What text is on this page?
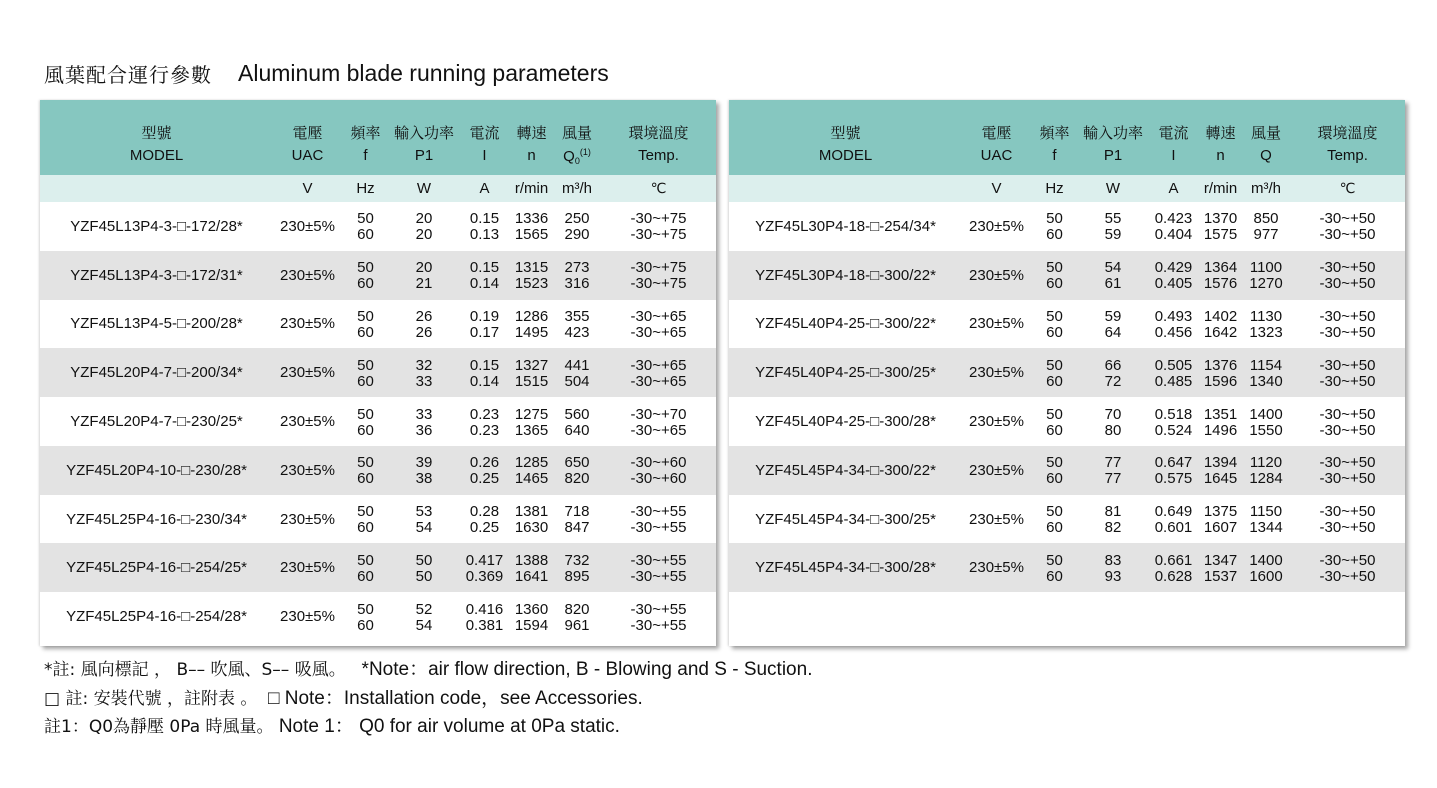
風葉配合運行參數 Aluminum blade running parameters
型號	電壓	頻率	輸入功率	電流	轉速	風量	環境溫度
MODEL	UAC	f	P1	I	n	$Q_0^{(1)}$	Temp.
	V	Hz	W	A	r/min	m³/h	℃
YZF45L13P4-3-□-172/28*	230±5%	50	20	0.15	1336	250	-30~+75
		60	20	0.13	1565	290	-30~+75
YZF45L13P4-3-□-172/31*	230±5%	50	20	0.15	1315	273	-30~+75
		60	21	0.14	1523	316	-30~+75
YZF45L13P4-5-□-200/28*	230±5%	50	26	0.19	1286	355	-30~+65
		60	26	0.17	1495	423	-30~+65
YZF45L20P4-7-□-200/34*	230±5%	50	32	0.15	1327	441	-30~+65
		60	33	0.14	1515	504	-30~+65
YZF45L20P4-7-□-230/25*	230±5%	50	33	0.23	1275	560	-30~+70
		60	36	0.23	1365	640	-30~+65
YZF45L20P4-10-□-230/28*	230±5%	50	39	0.26	1285	650	-30~+60
		60	38	0.25	1465	820	-30~+60
YZF45L25P4-16-□-230/34*	230±5%	50	53	0.28	1381	718	-30~+55
		60	54	0.25	1630	847	-30~+55
YZF45L25P4-16-□-254/25*	230±5%	50	50	0.417	1388	732	-30~+55
		60	50	0.369	1641	895	-30~+55
YZF45L25P4-16-□-254/28*	230±5%	50	52	0.416	1360	820	-30~+55
		60	54	0.381	1594	961	-30~+55
型號	電壓	頻率	輸入功率	電流	轉速	風量	環境溫度
MODEL	UAC	f	P1	I	n	Q	Temp.
	V	Hz	W	A	r/min	m³/h	℃
YZF45L30P4-18-□-254/34*	230±5%	50	55	0.423	1370	850	-30~+50
		60	59	0.404	1575	977	-30~+50
YZF45L30P4-18-□-300/22*	230±5%	50	54	0.429	1364	1100	-30~+50
		60	61	0.405	1576	1270	-30~+50
YZF45L40P4-25-□-300/22*	230±5%	50	59	0.493	1402	1130	-30~+50
		60	64	0.456	1642	1323	-30~+50
YZF45L40P4-25-□-300/25*	230±5%	50	66	0.505	1376	1154	-30~+50
		60	72	0.485	1596	1340	-30~+50
YZF45L40P4-25-□-300/28*	230±5%	50	70	0.518	1351	1400	-30~+50
		60	80	0.524	1496	1550	-30~+50
YZF45L45P4-34-□-300/22*	230±5%	50	77	0.647	1394	1120	-30~+50
		60	77	0.575	1645	1284	-30~+50
YZF45L45P4-34-□-300/25*	230±5%	50	81	0.649	1375	1150	-30~+50
		60	82	0.601	1607	1344	-30~+50
YZF45L45P4-34-□-300/28*	230±5%	50	83	0.661	1347	1400	-30~+50
		60	93	0.628	1537	1600	-30~+50
*註: 風向標記 ， B–– 吹風、S–– 吸風。 *Note：air flow direction, B - Blowing and S - Suction.
□ 註: 安裝代號 ，註附表 。 □ Note：Installation code，see Accessories.
註1：Q0為靜壓 0Pa 時風量。 Note 1： Q0 for air volume at 0Pa static.
